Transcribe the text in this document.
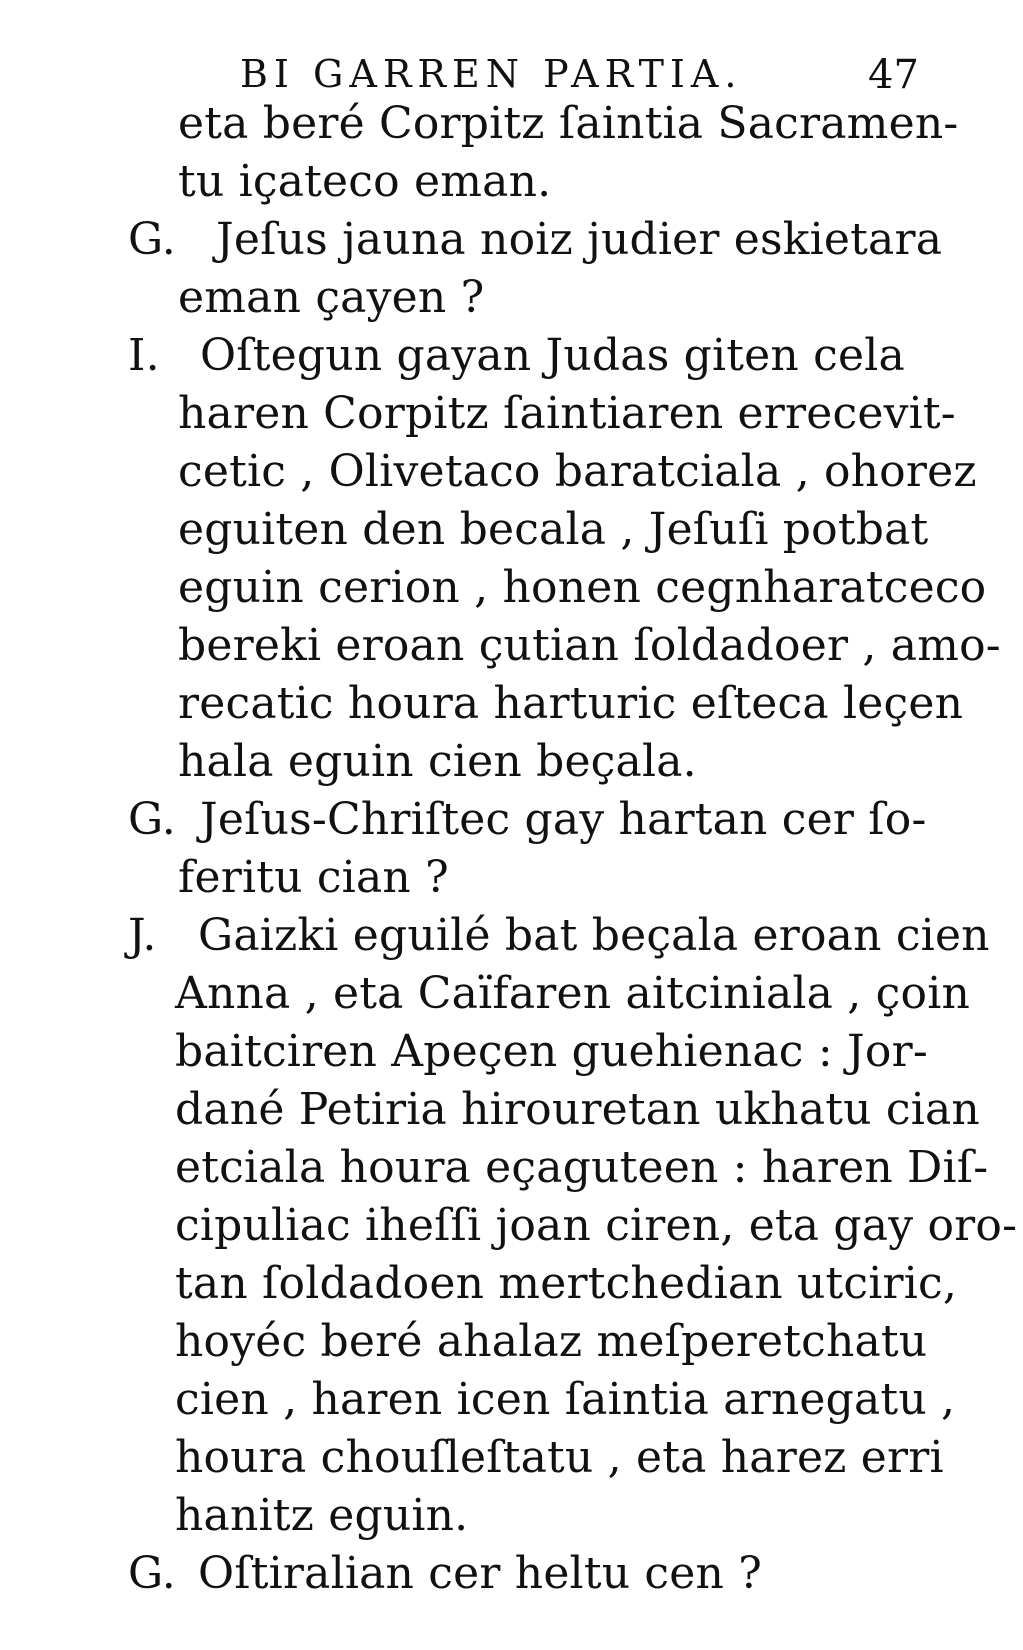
BI GARREN PARTIA.	47
eta beré Corpitz ſaintia Sacramen-
tu içateco eman.
G. Jeſus jauna noiz judier eskietara
eman çayen ?
I. Oſtegun gayan Judas giten cela
haren Corpitz ſaintiaren errecevit-
cetic , Olivetaco baratciala , ohorez
eguiten den becala , Jeſuſi potbat
eguin cerion , honen cegnharatceco
bereki eroan çutian ſoldadoer , amo-
recatic houra harturic eſteca leçen
hala eguin cien beçala.
G. Jeſus-Chriſtec gay hartan cer ſo-
feritu cian ?
J. Gaizki eguilé bat beçala eroan cien
Anna , eta Caïfaren aitciniala , çoin
baitciren Apeçen guehienac : Jor-
dané Petiria hirouretan ukhatu cian
etciala houra eçaguteen : haren Diſ-
cipuliac iheſſi joan ciren, eta gay oro-
tan ſoldadoen mertchedian utciric,
hoyéc beré ahalaz meſperetchatu
cien , haren icen ſaintia arnegatu ,
houra chouſleſtatu , eta harez erri
hanitz eguin.
G. Oſtiralian cer heltu cen ?
